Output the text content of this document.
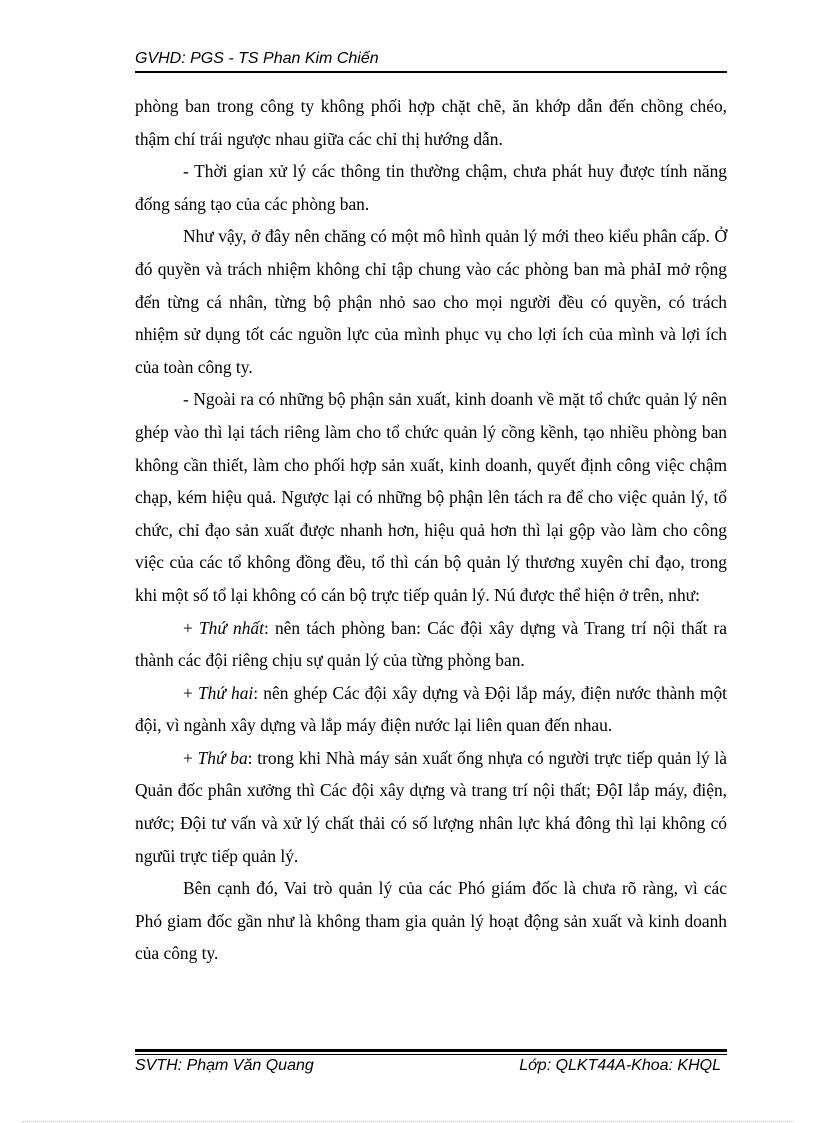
GVHD: PGS - TS Phan Kim Chiến

phòng ban trong công ty không phối hợp chặt chẽ, ăn khớp dẫn đến chồng chéo, thậm chí trái ngược nhau giữa các chỉ thị hướng dẫn.

- Thời gian xử lý các thông tin thường chậm, chưa phát huy được tính năng đống sáng tạo của các phòng ban.

Như vậy, ở đây nên chăng có một mô hình quản lý mới theo kiểu phân cấp. Ở đó quyền và trách nhiệm không chỉ tập chung vào các phòng ban mà phảI mở rộng đến từng cá nhân, từng bộ phận nhỏ sao cho mọi người đều có quyền, có trách nhiệm sử dụng tốt các nguồn lực của mình phục vụ cho lợi ích của mình và lợi ích của toàn công ty.

- Ngoài ra có những bộ phận sản xuất, kinh doanh về mặt tổ chức quản lý nên ghép vào thì lại tách riêng làm cho tổ chức quản lý cồng kềnh, tạo nhiều phòng ban không cần thiết, làm cho phối hợp sản xuất, kinh doanh, quyết định công việc chậm chạp, kém hiệu quả. Ngược lại có những bộ phận lên tách ra để cho việc quản lý, tổ chức, chỉ đạo sản xuất được nhanh hơn, hiệu quả hơn thì lại gộp vào làm cho công việc của các tổ không đồng đều, tổ thì cán bộ quản lý thương xuyên chỉ đạo, trong khi một số tổ lại không có cán bộ trực tiếp quản lý. Nú được thể hiện ở trên, như:

+ Thứ nhất: nên tách phòng ban: Các đội xây dựng và Trang trí nội thất ra thành các đội riêng chịu sự quản lý của từng phòng ban.

+ Thứ hai: nên ghép Các đội xây dựng và Đội lắp máy, điện nước thành một đội, vì ngành xây dựng và lắp máy điện nước lại liên quan đến nhau.

+ Thứ ba: trong khi Nhà máy sản xuất ống nhựa có người trực tiếp quản lý là Quản đốc phân xưởng thì Các đội xây dựng và trang trí nội thất; ĐộI lắp máy, điện, nước; Đội tư vấn và xử lý chất thải có số lượng nhân lực khá đông thì lại không có ngưũi trực tiếp quản lý.

Bên cạnh đó, Vai trò quản lý của các Phó giám đốc là chưa rõ ràng, vì các Phó giam đốc gần như là không tham gia quản lý hoạt động sản xuất và kinh doanh của công ty.

SVTH: Phạm Văn Quang	Lớp: QLKT44A-Khoa: KHQL
